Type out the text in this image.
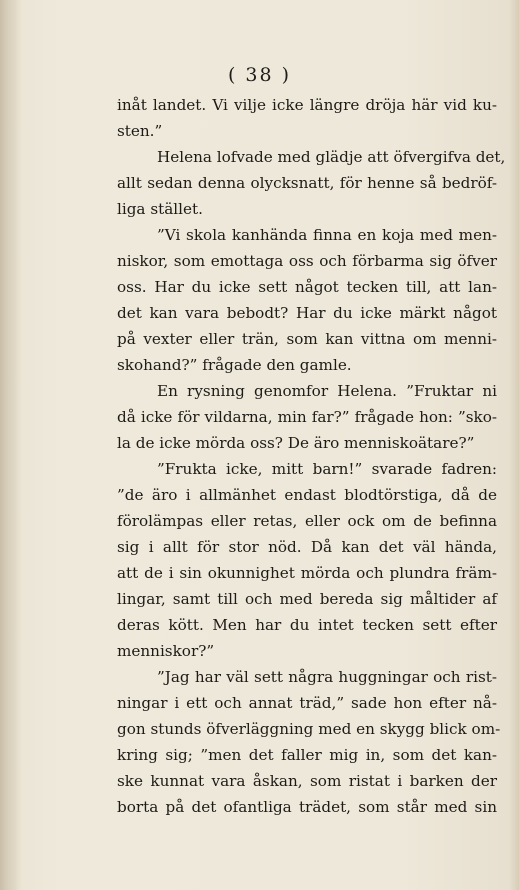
( 38 )
inåt landet. Vi vilje icke längre dröja här vid ku-
sten.”
Helena lofvade med glädje att öfvergifva det,
allt sedan denna olycksnatt, för henne så bedröf-
liga stället.
”Vi skola kanhända finna en koja med men-
niskor, som emottaga oss och förbarma sig öfver
oss. Har du icke sett något tecken till, att lan-
det kan vara bebodt? Har du icke märkt något
på vexter eller trän, som kan vittna om menni-
skohand?” frågade den gamle.
En rysning genomfor Helena. ”Fruktar ni
då icke för vildarna, min far?” frågade hon: ”sko-
la de icke mörda oss? De äro menniskoätare?”
”Frukta icke, mitt barn!” svarade fadren:
”de äro i allmänhet endast blodtörstiga, då de
förolämpas eller retas, eller ock om de befinna
sig i allt för stor nöd. Då kan det väl hända,
att de i sin okunnighet mörda och plundra främ-
lingar, samt till och med bereda sig måltider af
deras kött. Men har du intet tecken sett efter
menniskor?”
”Jag har väl sett några huggningar och rist-
ningar i ett och annat träd,” sade hon efter nå-
gon stunds öfverläggning med en skygg blick om-
kring sig; ”men det faller mig in, som det kan-
ske kunnat vara åskan, som ristat i barken der
borta på det ofantliga trädet, som står med sin
